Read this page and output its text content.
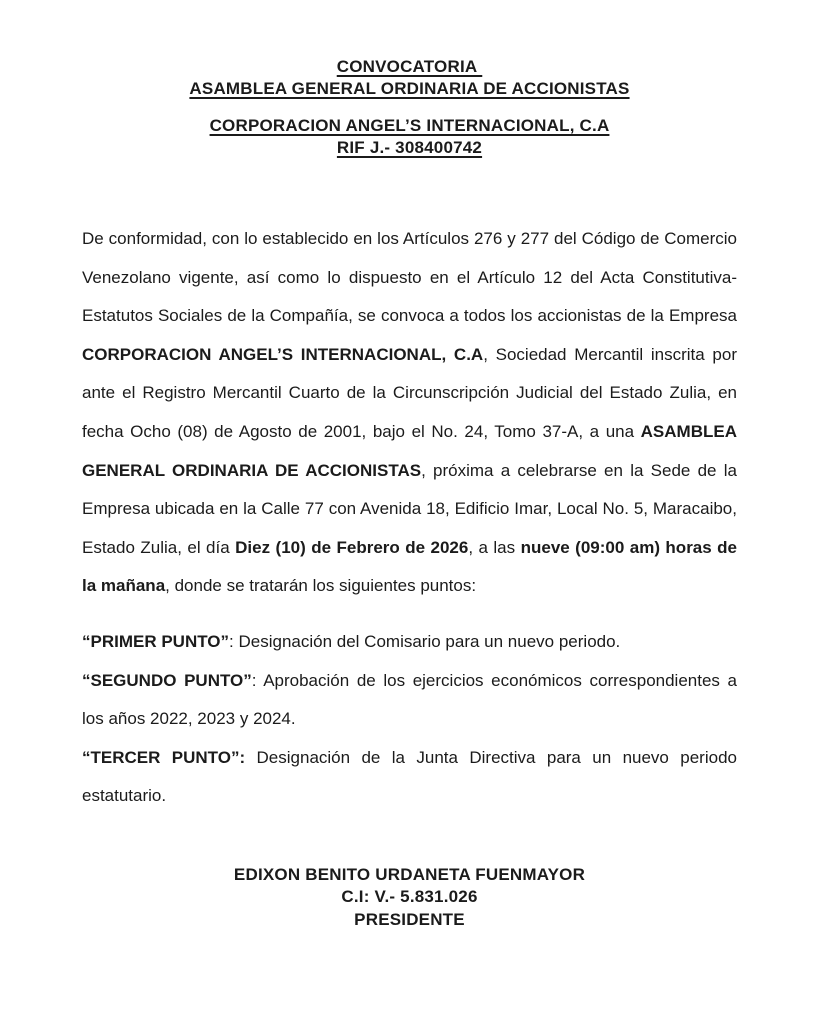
CONVOCATORIA
ASAMBLEA GENERAL ORDINARIA DE ACCIONISTAS
CORPORACION ANGEL’S INTERNACIONAL, C.A
RIF J.- 308400742

De conformidad, con lo establecido en los Artículos 276 y 277 del Código de Comercio Venezolano vigente, así como lo dispuesto en el Artículo 12 del Acta Constitutiva-Estatutos Sociales de la Compañía, se convoca a todos los accionistas de la Empresa CORPORACION ANGEL’S INTERNACIONAL, C.A, Sociedad Mercantil inscrita por ante el Registro Mercantil Cuarto de la Circunscripción Judicial del Estado Zulia, en fecha Ocho (08) de Agosto de 2001, bajo el No. 24, Tomo 37-A, a una ASAMBLEA GENERAL ORDINARIA DE ACCIONISTAS, próxima a celebrarse en la Sede de la Empresa ubicada en la Calle 77 con Avenida 18, Edificio Imar, Local No. 5, Maracaibo, Estado Zulia, el día Diez (10) de Febrero de 2026, a las nueve (09:00 am) horas de la mañana, donde se tratarán los siguientes puntos:

“PRIMER PUNTO”: Designación del Comisario para un nuevo periodo.

“SEGUNDO PUNTO”: Aprobación de los ejercicios económicos correspondientes a los años 2022, 2023 y 2024.

“TERCER PUNTO”: Designación de la Junta Directiva para un nuevo periodo estatutario.

EDIXON BENITO URDANETA FUENMAYOR
C.I: V.- 5.831.026
PRESIDENTE
